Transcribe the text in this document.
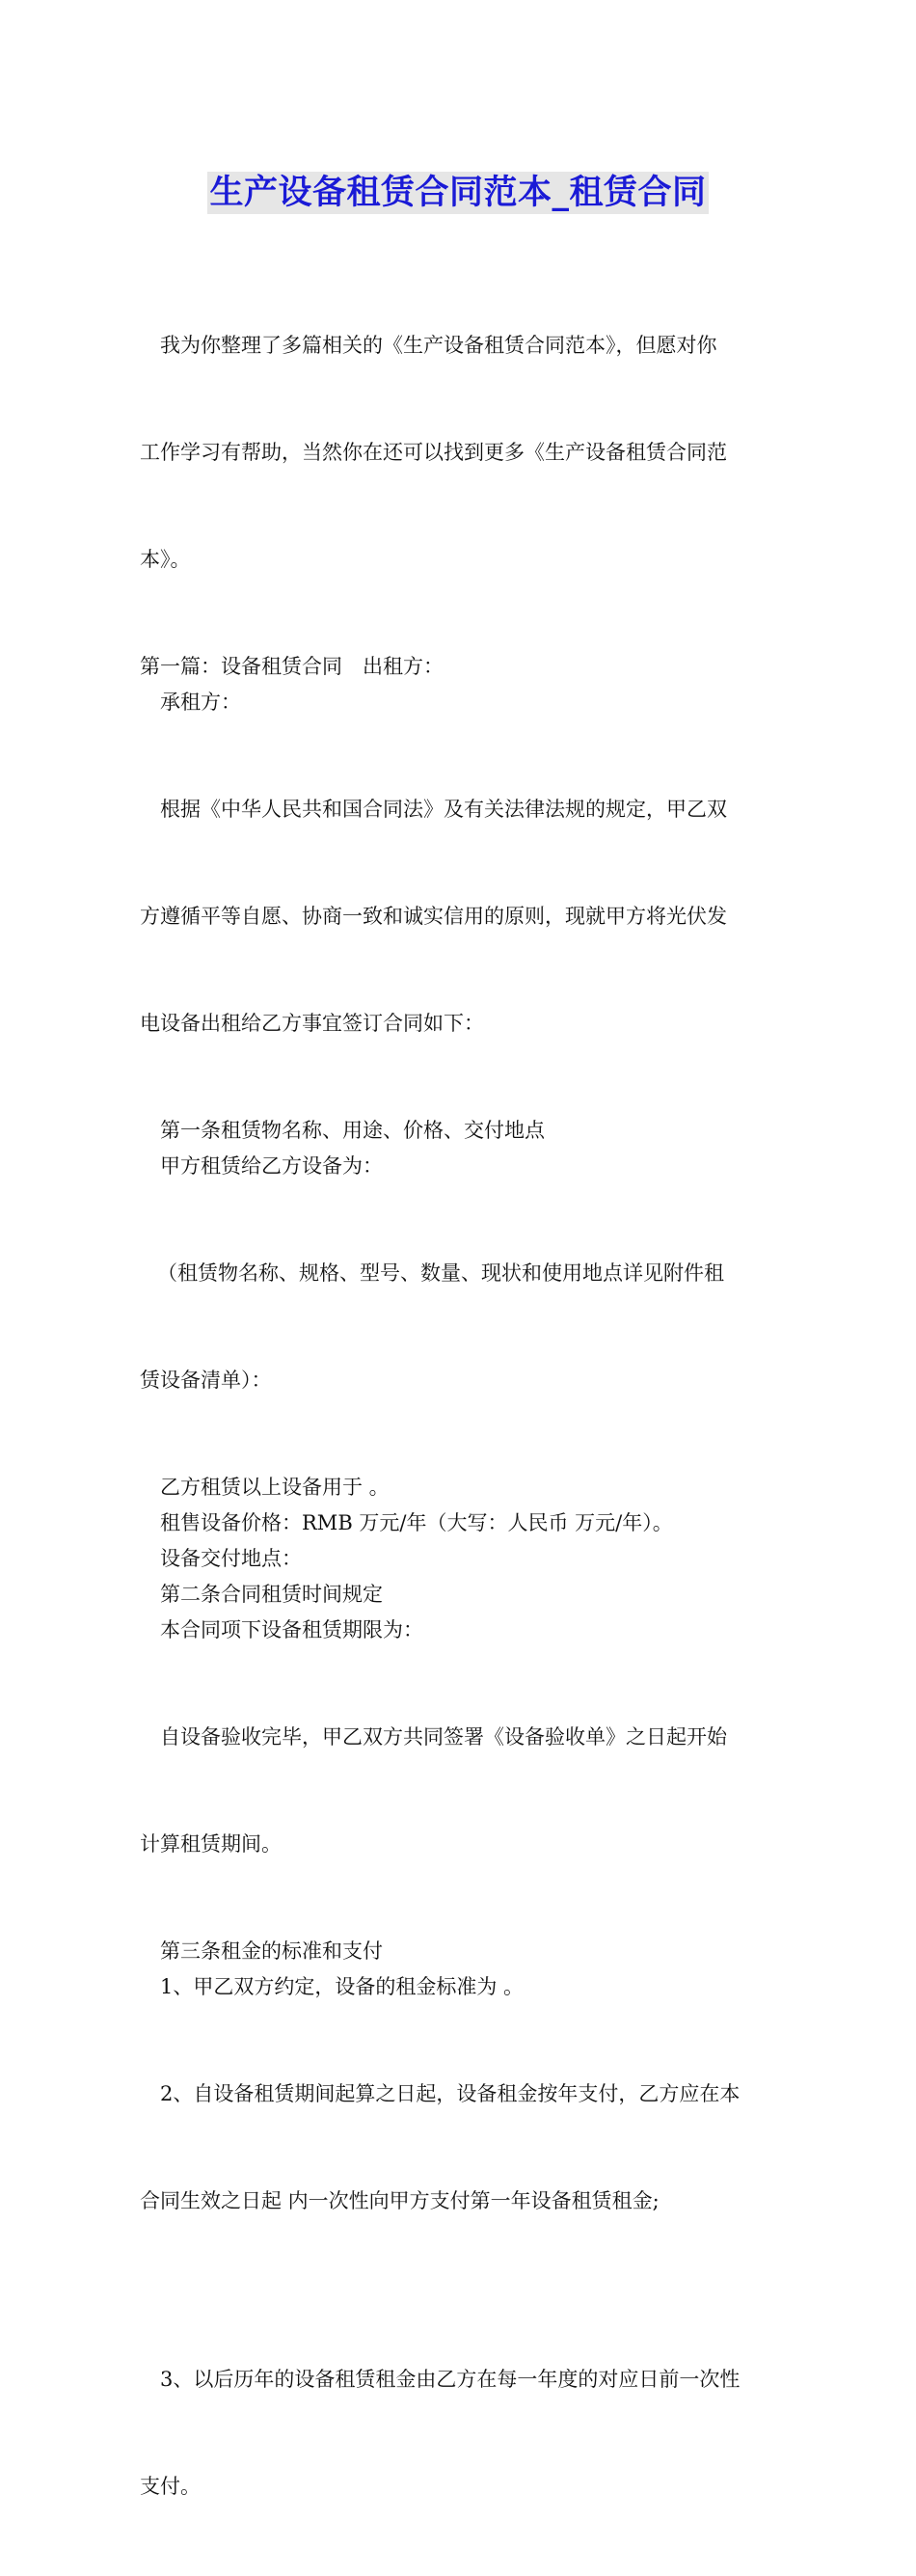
生产设备租赁合同范本_租赁合同

我为你整理了多篇相关的《生产设备租赁合同范本》，但愿对你

工作学习有帮助，当然你在还可以找到更多《生产设备租赁合同范

本》。

第一篇：设备租赁合同　出租方：
承租方：

根据《中华人民共和国合同法》及有关法律法规的规定，甲乙双

方遵循平等自愿、协商一致和诚实信用的原则，现就甲方将光伏发

电设备出租给乙方事宜签订合同如下：

第一条租赁物名称、用途、价格、交付地点
甲方租赁给乙方设备为：

（租赁物名称、规格、型号、数量、现状和使用地点详见附件租

赁设备清单）：

乙方租赁以上设备用于 。
租售设备价格：RMB 万元/年（大写：人民币 万元/年）。
设备交付地点：
第二条合同租赁时间规定
本合同项下设备租赁期限为：

自设备验收完毕，甲乙双方共同签署《设备验收单》之日起开始

计算租赁期间。

第三条租金的标准和支付
1、甲乙双方约定，设备的租金标准为 。

2、自设备租赁期间起算之日起，设备租金按年支付，乙方应在本

合同生效之日起 内一次性向甲方支付第一年设备租赁租金;

3、以后历年的设备租赁租金由乙方在每一年度的对应日前一次性

支付。
